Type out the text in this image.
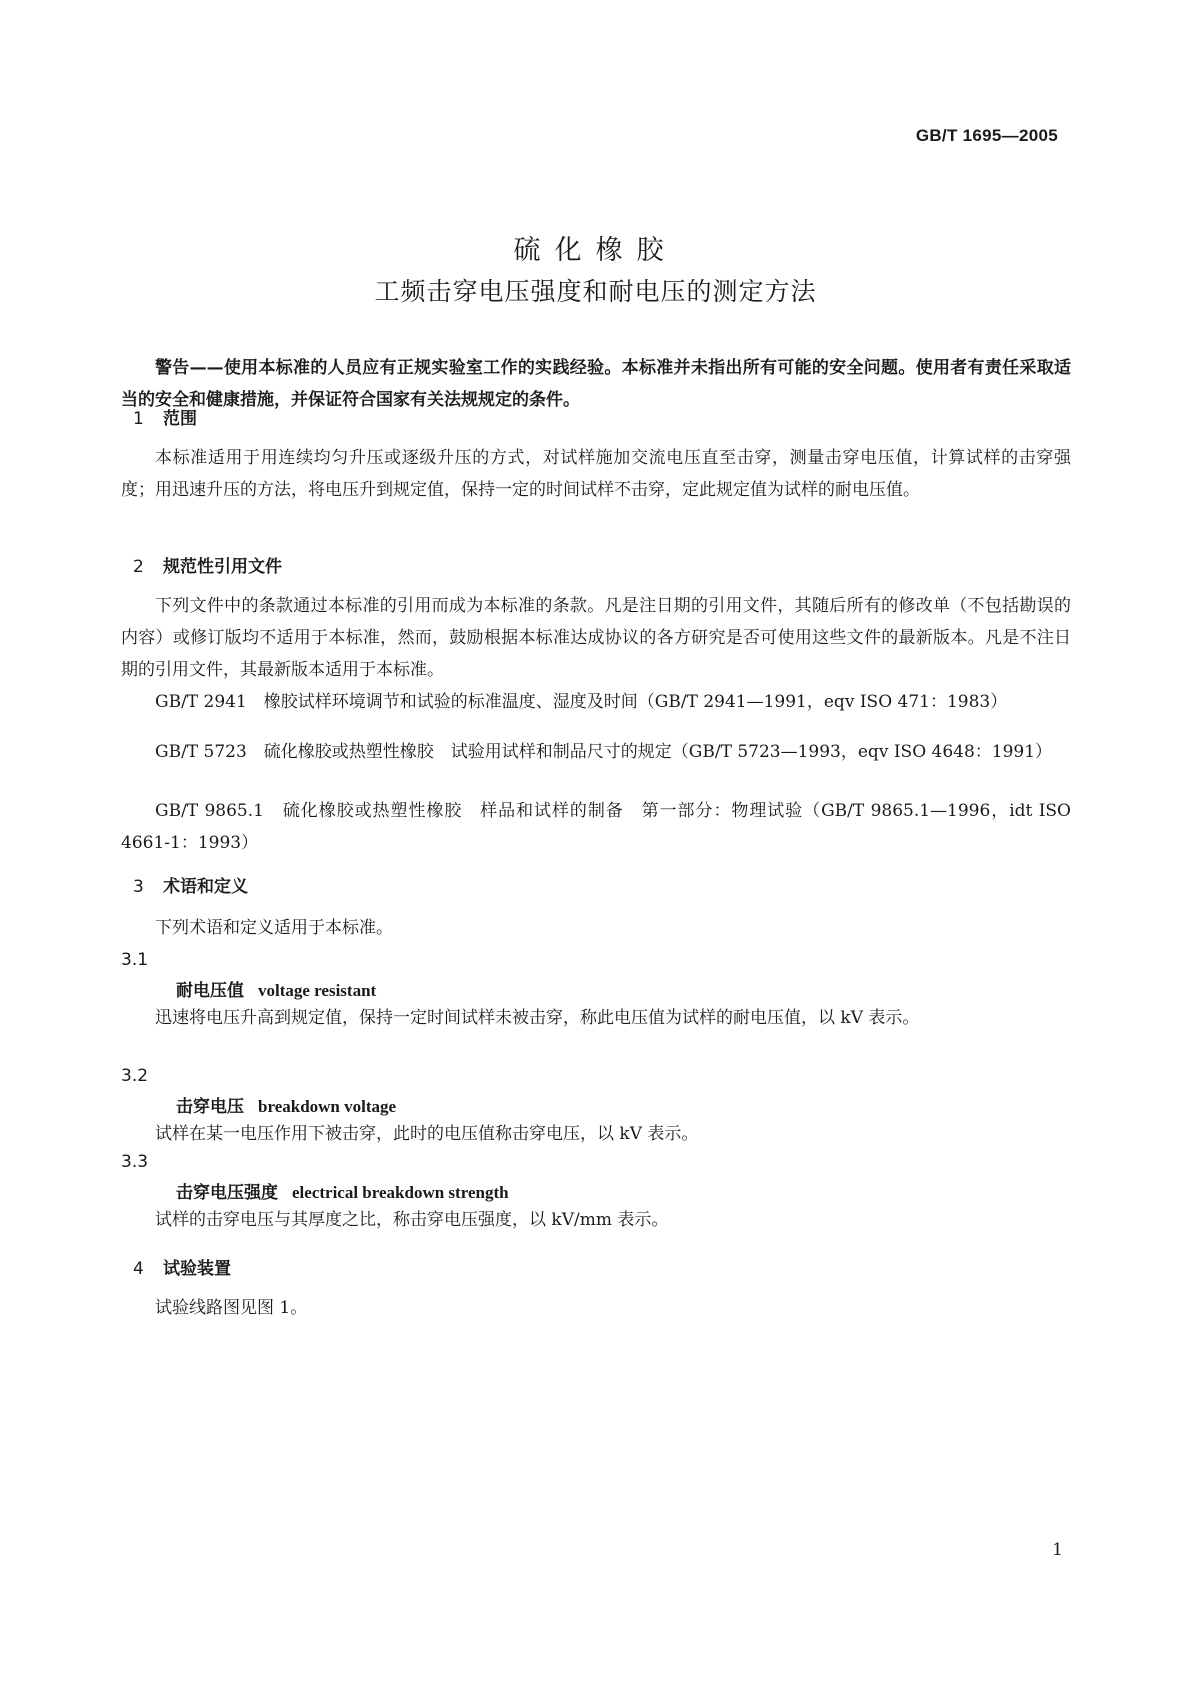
GB/T 1695—2005
硫化橡胶
工频击穿电压强度和耐电压的测定方法
警告——使用本标准的人员应有正规实验室工作的实践经验。本标准并未指出所有可能的安全问题。使用者有责任采取适当的安全和健康措施，并保证符合国家有关法规规定的条件。
1 范围
本标准适用于用连续均匀升压或逐级升压的方式，对试样施加交流电压直至击穿，测量击穿电压值，计算试样的击穿强度；用迅速升压的方法，将电压升到规定值，保持一定的时间试样不击穿，定此规定值为试样的耐电压值。
2 规范性引用文件
下列文件中的条款通过本标准的引用而成为本标准的条款。凡是注日期的引用文件，其随后所有的修改单（不包括勘误的内容）或修订版均不适用于本标准，然而，鼓励根据本标准达成协议的各方研究是否可使用这些文件的最新版本。凡是不注日期的引用文件，其最新版本适用于本标准。
GB/T 2941　橡胶试样环境调节和试验的标准温度、湿度及时间（GB/T 2941—1991，eqv ISO 471：1983）
GB/T 5723　硫化橡胶或热塑性橡胶　试验用试样和制品尺寸的规定（GB/T 5723—1993，eqv ISO 4648：1991）
GB/T 9865.1　硫化橡胶或热塑性橡胶　样品和试样的制备　第一部分：物理试验（GB/T 9865.1—1996，idt ISO 4661-1：1993）
3 术语和定义
下列术语和定义适用于本标准。
3.1
耐电压值 voltage resistant
迅速将电压升高到规定值，保持一定时间试样未被击穿，称此电压值为试样的耐电压值，以 kV 表示。
3.2
击穿电压 breakdown voltage
试样在某一电压作用下被击穿，此时的电压值称击穿电压，以 kV 表示。
3.3
击穿电压强度 electrical breakdown strength
试样的击穿电压与其厚度之比，称击穿电压强度，以 kV/mm 表示。
4 试验装置
试验线路图见图 1。
1
